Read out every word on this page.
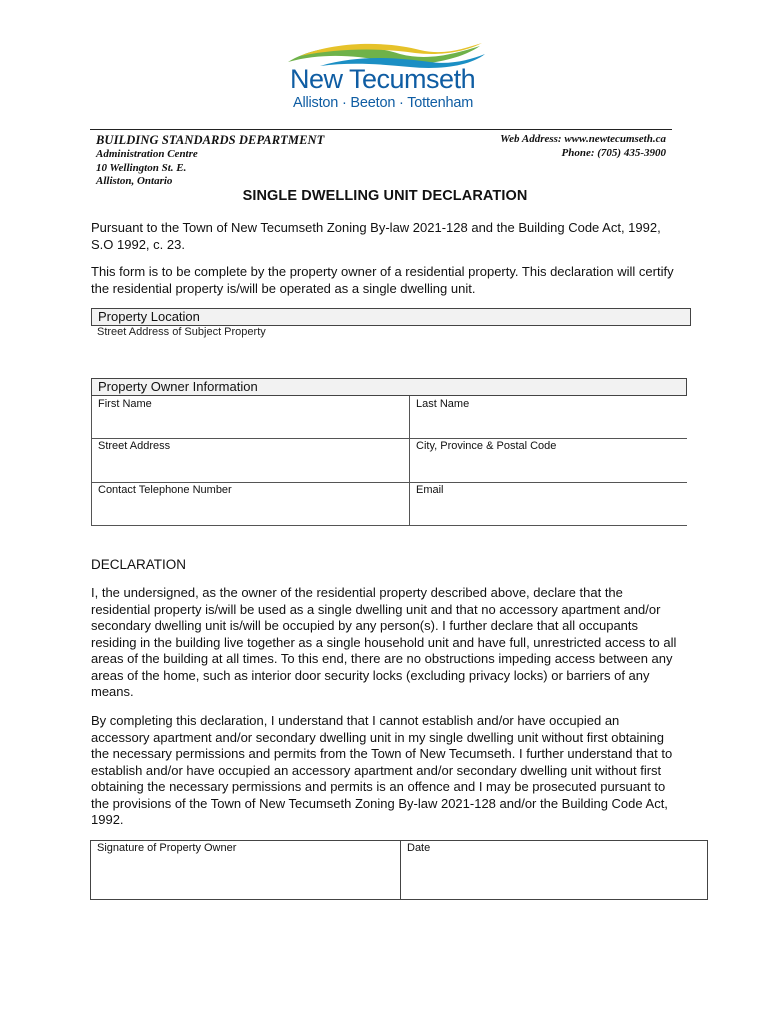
New Tecumseth
Alliston · Beeton · Tottenham
BUILDING STANDARDS DEPARTMENT
Administration Centre
10 Wellington St. E.
Alliston, Ontario
Web Address: www.newtecumseth.ca
Phone: (705) 435-3900
SINGLE DWELLING UNIT DECLARATION
Pursuant to the Town of New Tecumseth Zoning By-law 2021-128 and the Building Code Act, 1992, S.O 1992, c. 23.
This form is to be complete by the property owner of a residential property. This declaration will certify the residential property is/will be operated as a single dwelling unit.
Property Location
Street Address of Subject Property
Property Owner Information
First Name	Last Name
Street Address	City, Province & Postal Code
Contact Telephone Number	Email
DECLARATION
I, the undersigned, as the owner of the residential property described above, declare that the residential property is/will be used as a single dwelling unit and that no accessory apartment and/or secondary dwelling unit is/will be occupied by any person(s). I further declare that all occupants residing in the building live together as a single household unit and have full, unrestricted access to all areas of the building at all times. To this end, there are no obstructions impeding access between any areas of the home, such as interior door security locks (excluding privacy locks) or barriers of any means.
By completing this declaration, I understand that I cannot establish and/or have occupied an accessory apartment and/or secondary dwelling unit in my single dwelling unit without first obtaining the necessary permissions and permits from the Town of New Tecumseth. I further understand that to establish and/or have occupied an accessory apartment and/or secondary dwelling unit without first obtaining the necessary permissions and permits is an offence and I may be prosecuted pursuant to the provisions of the Town of New Tecumseth Zoning By-law 2021-128 and/or the Building Code Act, 1992.
Signature of Property Owner	Date
